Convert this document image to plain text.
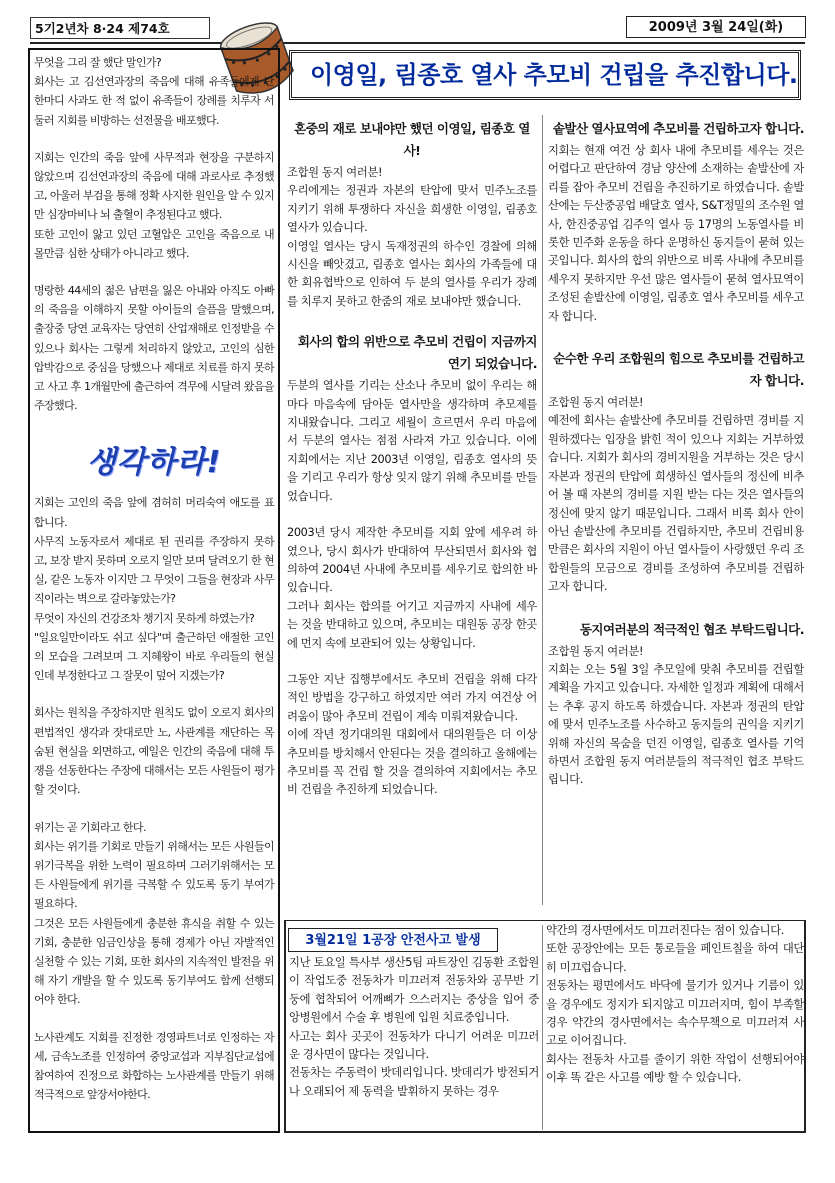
5기2년차 8·24 제74호	2009년 3월 24일(화)
이영일, 림종호 열사 추모비 건립을 추진합니다.

무엇을 그리 잘 했단 말인가?

회사는 고 김선연과장의 죽음에 대해 유족들에게 단 한마디 사과도 한 적 없이 유족들이 장례를 치루자 서둘러 지회를 비방하는 선전물을 배포했다.

지회는 인간의 죽음 앞에 사무적과 현장을 구분하지 않았으며 김선연과장의 죽음에 대해 과로사로 추정했고, 아울러 부검을 통해 정확 사지한 원인을 알 수 있지만 심장마비나 뇌 출혈이 추정된다고 했다.

또한 고인이 앓고 있던 고혈압은 고인을 죽음으로 내 몰만큼 심한 상태가 아니라고 했다.

명랑한 44세의 젊은 남편을 잃은 아내와 아직도 아빠의 죽음을 이해하지 못할 아이들의 슬픔을 말했으며, 출장중 당연 교육자는 당연히 산업재해로 인정받을 수 있으나 회사는 그렇게 처리하지 않았고, 고인의 심한 압박감으로 중심을 당했으나 제대로 치료를 하지 못하고 사고 후 1개월만에 출근하여 격무에 시달려 왔음을 주장했다.

생각하라!

지회는 고인의 죽음 앞에 겸허히 머리숙여 애도를 표합니다.

사무직 노동자로서 제대로 된 권리를 주장하지 못하고, 보장 받지 못하며 오로지 일만 보며 달려오기 한 현실, 같은 노동자 이지만 그 무엇이 그들을 현장과 사무직이라는 벽으로 갈라놓았는가?

무엇이 자신의 건강조차 챙기지 못하게 하였는가?

"일요일만이라도 쉬고 싶다"며 출근하던 애절한 고인의 모습을 그려보며 그 지혜왕이 바로 우리들의 현실인데 부정한다고 그 잘못이 덮어 지겠는가?

회사는 원칙을 주장하지만 원칙도 없이 오로지 회사의 편법적인 생각과 잣대로만 노, 사관계를 재단하는 목숨된 현실을 외면하고, 예일은 인간의 죽음에 대해 투쟁을 선동한다는 주장에 대해서는 모든 사원들이 평가 할 것이다.

위기는 곧 기회라고 한다.

회사는 위기를 기회로 만들기 위해서는 모든 사원들이 위기극복을 위한 노력이 필요하며 그러기위해서는 모든 사원들에게 위기를 극복할 수 있도록 동기 부여가 필요하다.

그것은 모든 사원들에게 충분한 휴식을 취할 수 있는 기회, 충분한 임금인상을 통해 경제가 아닌 자발적인 실천할 수 있는 기회, 또한 회사의 지속적인 발전을 위해 자기 개발을 할 수 있도록 동기부여도 함께 선행되어야 한다.

노사관계도 지회를 진정한 경영파트너로 인정하는 자세, 금속노조를 인정하여 중앙교섭과 지부집단교섭에 참여하여 진정으로 화합하는 노사관계를 만들기 위해 적극적으로 앞장서야한다.

혼중의 재로 보내야만 했던 이영일, 림종호 열사!

조합원 동지 여러분!

우리에게는 정권과 자본의 탄압에 맞서 민주노조를 지키기 위해 투쟁하다 자신을 희생한 이영일, 림종호 열사가 있습니다.

이영일 열사는 당시 독재정권의 하수인 경찰에 의해 시신을 빼앗겼고, 림종호 열사는 회사의 가족들에 대한 회유협박으로 인하여 두 분의 열사를 우리가 장례를 치루지 못하고 한줌의 재로 보내야만 했습니다.

회사의 합의 위반으로 추모비 건립이 지금까지 연기 되었습니다.

두분의 열사를 기리는 산소나 추모비 없이 우리는 해마다 마음속에 담아둔 열사만을 생각하며 추모제를 지내왔습니다. 그리고 세월이 흐르면서 우리 마음에서 두분의 열사는 점점 사라져 가고 있습니다. 이에 지회에서는 지난 2003년 이영일, 림종호 열사의 뜻을 기리고 우리가 항상 잊지 않기 위해 추모비를 만들었습니다.

2003년 당시 제작한 추모비를 지회 앞에 세우려 하였으나, 당시 회사가 반대하여 무산되면서 회사와 협의하여 2004년 사내에 추모비를 세우기로 합의한 바 있습니다.

그러나 회사는 합의를 어기고 지금까지 사내에 세우는 것을 반대하고 있으며, 추모비는 대원동 공장 한곳에 먼지 속에 보관되어 있는 상황입니다.

그동안 지난 집행부에서도 추모비 건립을 위해 다각적인 방법을 강구하고 하였지만 여러 가지 여건상 어려움이 많아 추모비 건립이 계속 미뤄져왔습니다.

이에 작년 정기대의원 대회에서 대의원들은 더 이상 추모비를 방치해서 안된다는 것을 결의하고 올해에는 추모비를 꼭 건립 할 것을 결의하여 지회에서는 추모비 건립을 추진하게 되었습니다.

솥발산 열사묘역에 추모비를 건립하고자 합니다.

지회는 현재 여건 상 회사 내에 추모비를 세우는 것은 어렵다고 판단하여 경남 양산에 소재하는 솥발산에 자리를 잡아 추모비 건립을 추진하기로 하였습니다. 솥발산에는 두산중공업 배달호 열사, S&T정밀의 조수원 열사, 한진중공업 김주익 열사 등 17명의 노동열사를 비롯한 민주화 운동을 하다 운명하신 동지들이 묻혀 있는 곳입니다. 회사의 합의 위반으로 비록 사내에 추모비를 세우지 못하지만 우선 많은 열사들이 묻혀 열사묘역이 조성된 솥발산에 이영일, 림종호 열사 추모비를 세우고자 합니다.

순수한 우리 조합원의 힘으로 추모비를 건립하고자 합니다.

조합원 동지 여러분!

예전에 회사는 솥발산에 추모비를 건립하면 경비를 지원하겠다는 입장을 밝힌 적이 있으나 지회는 거부하였습니다. 지회가 회사의 경비지원을 거부하는 것은 당시 자본과 정권의 탄압에 희생하신 열사들의 정신에 비추어 볼 때 자본의 경비를 지원 받는 다는 것은 열사들의 정신에 맞지 않기 때문입니다. 그래서 비록 회사 안이 아닌 솥발산에 추모비를 건립하지만, 추모비 건립비용만큼은 회사의 지원이 아닌 열사들이 사랑했던 우리 조합원들의 모금으로 경비를 조성하여 추모비를 건립하고자 합니다.

동지여러분의 적극적인 협조 부탁드립니다.

조합원 동지 여러분!

지회는 오는 5월 3일 추모일에 맞춰 추모비를 건립할 계획을 가지고 있습니다. 자세한 일정과 계획에 대해서는 추후 공지 하도록 하겠습니다. 자본과 정권의 탄압에 맞서 민주노조를 사수하고 동지들의 권익을 지키기 위해 자신의 목숨을 던진 이영일, 림종호 열사를 기억하면서 조합원 동지 여러분들의 적극적인 협조 부탁드립니다.

3월21일 1공장 안전사고 발생

지난 토요일 특사부 생산5팀 파트장인 김동환 조합원이 작업도중 전동차가 미끄러져 전동차와 공무반 기둥에 협착되어 어깨뼈가 으스러지는 중상을 입어 중앙병원에서 수술 후 병원에 입원 치료중입니다.

사고는 회사 곳곳이 전동차가 다니기 어려운 미끄러운 경사면이 많다는 것입니다.

전동차는 주동력이 밧데리입니다. 밧데리가 방전되거나 오래되어 제 동력을 발휘하지 못하는 경우

약간의 경사면에서도 미끄러진다는 점이 있습니다.

또한 공장안에는 모든 통로들을 페인트칠을 하여 대단히 미끄럽습니다.

전동차는 평면에서도 바닥에 물기가 있거나 기름이 있을 경우에도 정지가 되지않고 미끄러지며, 힘이 부족할 경우 약간의 경사면에서는 속수무책으로 미끄러져 사고로 이어집니다.

회사는 전동차 사고를 줄이기 위한 작업이 선행되어야 이후 똑 같은 사고를 예방 할 수 있습니다.
